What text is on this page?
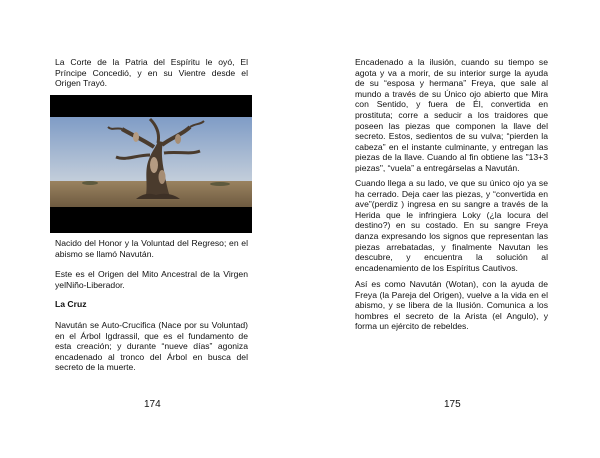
La Corte de la Patria del Espíritu le oyó, El Príncipe Concedió, y en su Vientre desde el Origen Trayó.

Nacido del Honor y la Voluntad del Regreso; en el abismo se llamó Navután.

Este es el Origen del Mito Ancestral de la Virgen yelNiño-Liberador.

La Cruz

Navután se Auto-Crucifica (Nace por su Voluntad) en el Árbol Igdrassil, que es el fundamento de esta creación; y durante “nueve días” agoniza encadenado al tronco del Árbol en busca del secreto de la muerte.

174

Encadenado a la ilusión, cuando su tiempo se agota y va a morir, de su interior surge la ayuda de su “esposa y hermana” Freya, que sale al mundo a través de su Único ojo abierto que Mira con Sentido, y fuera de Él, convertida en prostituta; corre a seducir a los traidores que poseen las piezas que componen la llave del secreto. Estos, sedientos de su vulva; “pierden la cabeza” en el instante culminante, y entregan las piezas de la llave. Cuando al fin obtiene las "13+3 piezas", “vuela” a entregárselas a Navután.

Cuando llega a su lado, ve que su único ojo ya se ha cerrado. Deja caer las piezas, y “convertida en ave”(perdiz ) ingresa en su sangre a través de la Herida que le infringiera Loky (¿la locura del destino?) en su costado. En su sangre Freya danza expresando los signos que representan las piezas arrebatadas, y finalmente Navutan les descubre, y encuentra la solución al encadenamiento de los Espíritus Cautivos.

Así es como Navután (Wotan), con la ayuda de Freya (la Pareja del Origen), vuelve a la vida en el abismo, y se libera de la Ilusión. Comunica a los hombres el secreto de la Arista (el Angulo), y forma un ejército de rebeldes.

175
